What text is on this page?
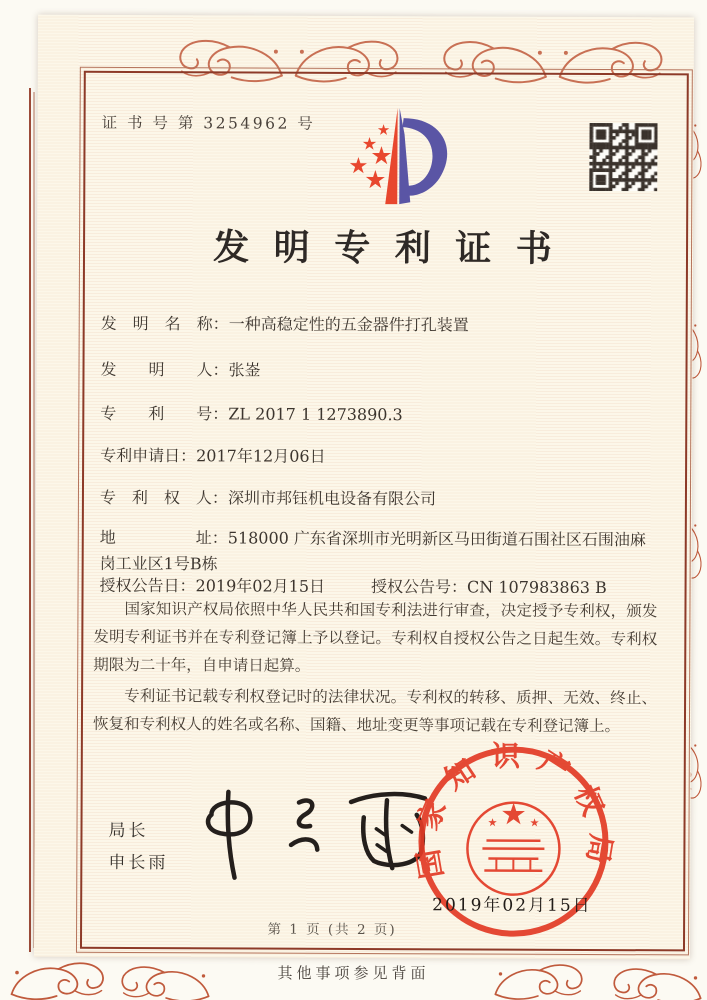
证 书 号 第 3254962 号
发 明 专 利 证 书
发　明　名　称：一种高稳定性的五金器件打孔装置
发　　明　　人：张崟
专　　利　　号：ZL 2017 1 1273890.3
专利申请日：2017年12月06日
专　利　权　人：深圳市邦钰机电设备有限公司
地　　　　　址：518000 广东省深圳市光明新区马田街道石围社区石围油麻岗工业区1号B栋
授权公告日：2019年02月15日	授权公告号：CN 107983863 B

国家知识产权局依照中华人民共和国专利法进行审查，决定授予专利权，颁发发明专利证书并在专利登记簿上予以登记。专利权自授权公告之日起生效。专利权期限为二十年，自申请日起算。

专利证书记载专利权登记时的法律状况。专利权的转移、质押、无效、终止、恢复和专利权人的姓名或名称、国籍、地址变更等事项记载在专利登记簿上。

局长
申长雨	国家知识产权局
2019年02月15日
第 1 页 (共 2 页)
其他事项参见背面
